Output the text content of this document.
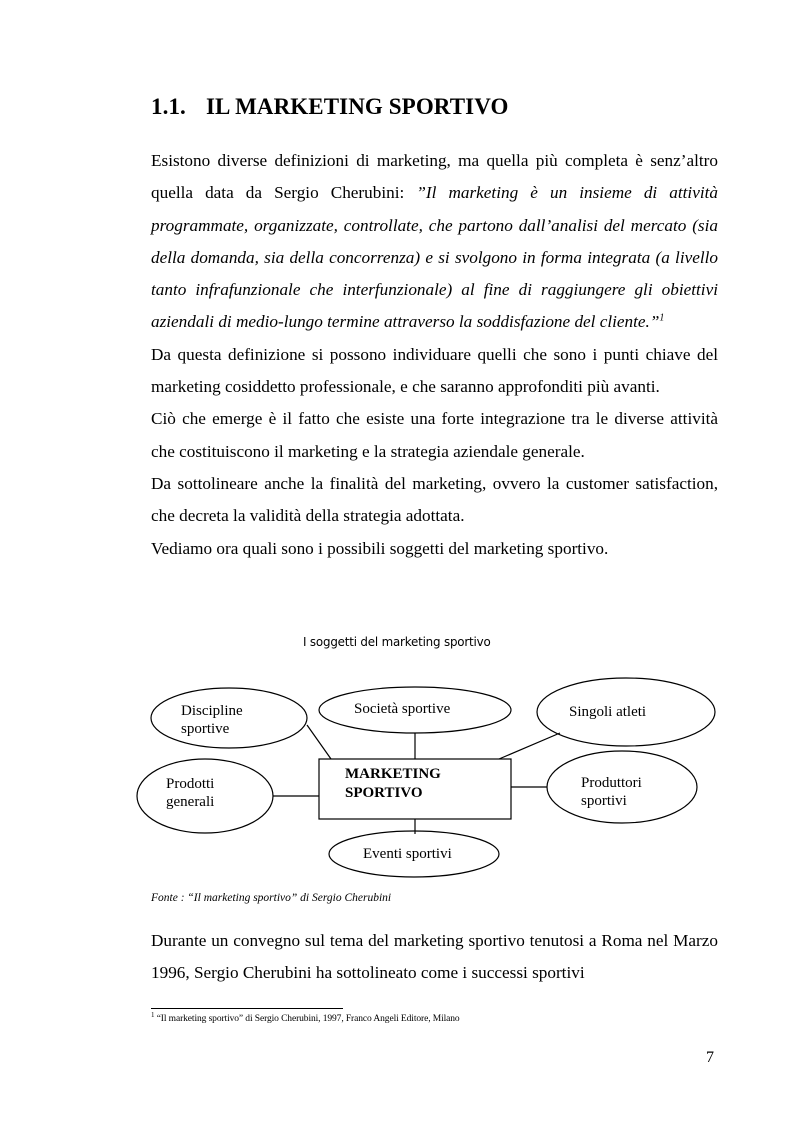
1.1. IL MARKETING SPORTIVO

Esistono diverse definizioni di marketing, ma quella più completa è senz’altro quella data da Sergio Cherubini: ”Il marketing è un insieme di attività programmate, organizzate, controllate, che partono dall’analisi del mercato (sia della domanda, sia della concorrenza) e si svolgono in forma integrata (a livello tanto infrafunzionale che interfunzionale) al fine di raggiungere gli obiettivi aziendali di medio-lungo termine attraverso la soddisfazione del cliente.”$^1$

Da questa definizione si possono individuare quelli che sono i punti chiave del marketing cosiddetto professionale, e che saranno approfonditi più avanti.

Ciò che emerge è il fatto che esiste una forte integrazione tra le diverse attività che costituiscono il marketing e la strategia aziendale generale.

Da sottolineare anche la finalità del marketing, ovvero la customer satisfaction, che decreta la validità della strategia adottata.

Vediamo ora quali sono i possibili soggetti del marketing sportivo.

I soggetti del marketing sportivo
Discipline
sportive
Società sportive	Singoli atleti
Prodotti
generali
Produttori
sportivi
Eventi sportivi
MARKETING SPORTIVO
Fonte : “Il marketing sportivo” di Sergio Cherubini

Durante un convegno sul tema del marketing sportivo tenutosi a Roma nel Marzo 1996, Sergio Cherubini ha sottolineato come i successi sportivi

$^1$ “Il marketing sportivo” di Sergio Cherubini, 1997, Franco Angeli Editore, Milano
7
